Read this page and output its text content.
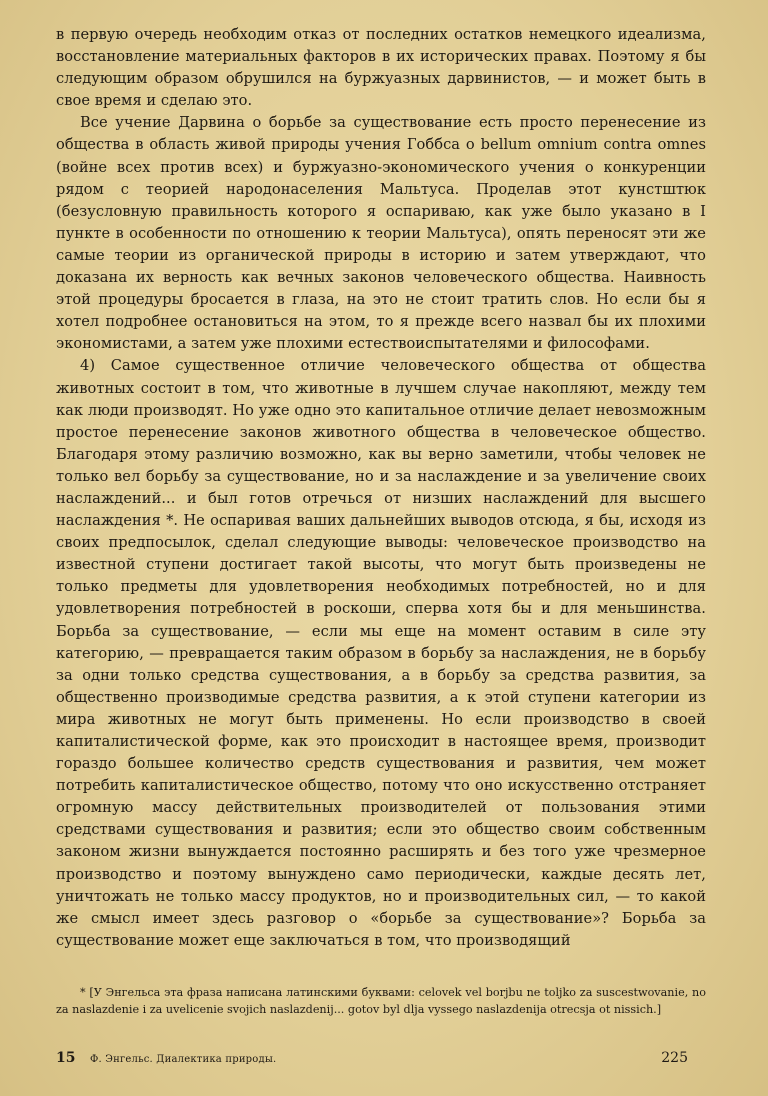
в первую очередь необходим отказ от последних остатков немецкого идеализма, восстановление материальных факторов в их исторических правах. Поэтому я бы следующим образом обрушился на буржуазных дарвинистов, — и может быть в свое время и сделаю это.

Все учение Дарвина о борьбе за существование есть просто перенесение из общества в область живой природы учения Гоббса о bellum omnium contra omnes (войне всех против всех) и буржуазно-экономического учения о конкуренции рядом с теорией народонаселения Мальтуса. Проделав этот кунстштюк (безусловную правильность которого я оспариваю, как уже было указано в I пункте в особенности по отношению к теории Мальтуса), опять переносят эти же самые теории из органической природы в историю и затем утверждают, что доказана их верность как вечных законов человеческого общества. Наивность этой процедуры бросается в глаза, на это не стоит тратить слов. Но если бы я хотел подробнее остановиться на этом, то я прежде всего назвал бы их плохими экономистами, а затем уже плохими естествоиспытателями и философами.

4) Самое существенное отличие человеческого общества от общества животных состоит в том, что животные в лучшем случае накопляют, между тем как люди производят. Но уже одно это капитальное отличие делает невозможным простое перенесение законов животного общества в человеческое общество. Благодаря этому различию возможно, как вы верно заметили, чтобы человек не только вел борьбу за существование, но и за наслаждение и за увеличение своих наслаждений... и был готов отречься от низших наслаждений для высшего наслаждения *. Не оспаривая ваших дальнейших выводов отсюда, я бы, исходя из своих предпосылок, сделал следующие выводы: человеческое производство на известной ступени достигает такой высоты, что могут быть произведены не только предметы для удовлетворения необходимых потребностей, но и для удовлетворения потребностей в роскоши, сперва хотя бы и для меньшинства. Борьба за существование, — если мы еще на момент оставим в силе эту категорию, — превращается таким образом в борьбу за наслаждения, не в борьбу за одни только средства существования, а в борьбу за средства развития, за общественно производимые средства развития, а к этой ступени категории из мира животных не могут быть применены. Но если производство в своей капиталистической форме, как это происходит в настоящее время, производит гораздо большее количество средств существования и развития, чем может потребить капиталистическое общество, потому что оно искусственно отстраняет огромную массу действительных производителей от пользования этими средствами существования и развития; если это общество своим собственным законом жизни вынуждается постоянно расширять и без того уже чрезмерное производство и поэтому вынуждено само периодически, каждые десять лет, уничтожать не только массу продуктов, но и производительных сил, — то какой же смысл имеет здесь разговор о «борьбе за существование»? Борьба за существование может еще заключаться в том, что производящий

* [У Энгельса эта фраза написана латинскими буквами: celovek vel borjbu ne toljko za suscestwovanie, no za naslazdenie i za uvelicenie svojich naslazdenij... gotov byl dlja vyssego naslazdenija otrecsja ot nissich.]

15 Ф. Энгельс. Диалектика природы.	225
